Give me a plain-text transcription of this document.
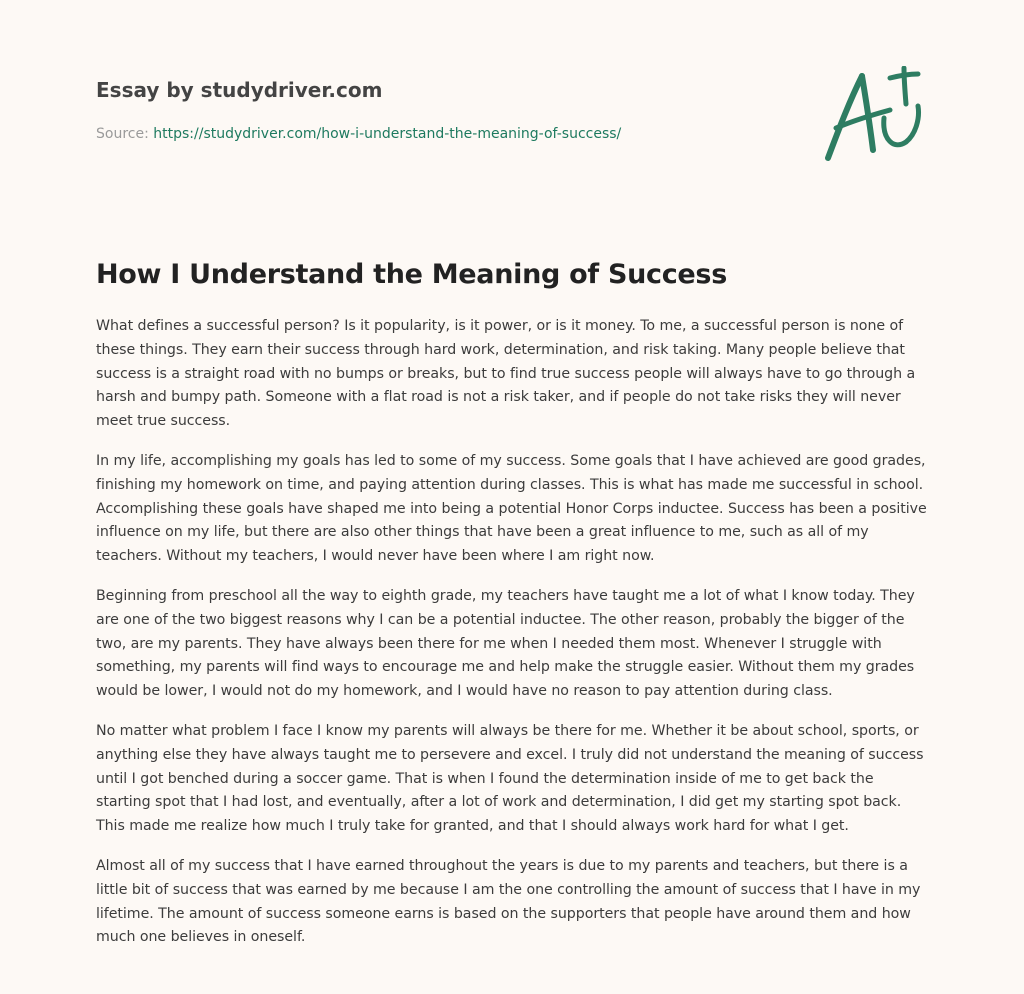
Essay by studydriver.com
Source: https://studydriver.com/how-i-understand-the-meaning-of-success/
How I Understand the Meaning of Success

What defines a successful person? Is it popularity, is it power, or is it money. To me, a successful person is none of these things. They earn their success through hard work, determination, and risk taking. Many people believe that success is a straight road with no bumps or breaks, but to find true success people will always have to go through a harsh and bumpy path. Someone with a flat road is not a risk taker, and if people do not take risks they will never meet true success.

In my life, accomplishing my goals has led to some of my success. Some goals that I have achieved are good grades, finishing my homework on time, and paying attention during classes. This is what has made me successful in school. Accomplishing these goals have shaped me into being a potential Honor Corps inductee. Success has been a positive influence on my life, but there are also other things that have been a great influence to me, such as all of my teachers. Without my teachers, I would never have been where I am right now.

Beginning from preschool all the way to eighth grade, my teachers have taught me a lot of what I know today. They are one of the two biggest reasons why I can be a potential inductee. The other reason, probably the bigger of the two, are my parents. They have always been there for me when I needed them most. Whenever I struggle with something, my parents will find ways to encourage me and help make the struggle easier. Without them my grades would be lower, I would not do my homework, and I would have no reason to pay attention during class.

No matter what problem I face I know my parents will always be there for me. Whether it be about school, sports, or anything else they have always taught me to persevere and excel. I truly did not understand the meaning of success until I got benched during a soccer game. That is when I found the determination inside of me to get back the starting spot that I had lost, and eventually, after a lot of work and determination, I did get my starting spot back. This made me realize how much I truly take for granted, and that I should always work hard for what I get.

Almost all of my success that I have earned throughout the years is due to my parents and teachers, but there is a little bit of success that was earned by me because I am the one controlling the amount of success that I have in my lifetime. The amount of success someone earns is based on the supporters that people have around them and how much one believes in oneself.
